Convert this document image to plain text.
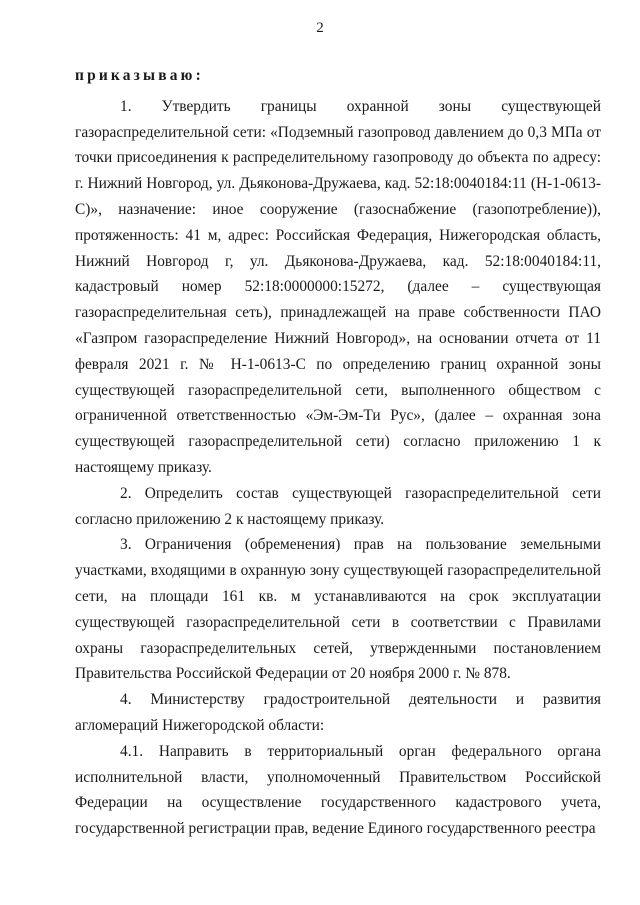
2

приказываю:

1. Утвердить границы охранной зоны существующей газораспределительной сети: «Подземный газопровод давлением до 0,3 МПа от точки присоединения к распределительному газопроводу до объекта по адресу: г. Нижний Новгород, ул. Дьяконова-Дружаева, кад. 52:18:0040184:11 (Н-1-0613-С)», назначение: иное сооружение (газоснабжение (газопотребление)), протяженность: 41 м, адрес: Российская Федерация, Нижегородская область, Нижний Новгород г, ул. Дьяконова-Дружаева, кад. 52:18:0040184:11, кадастровый номер 52:18:0000000:15272, (далее – существующая газораспределительная сеть), принадлежащей на праве собственности ПАО «Газпром газораспределение Нижний Новгород», на основании отчета от 11 февраля 2021 г. № Н-1-0613-С по определению границ охранной зоны существующей газораспределительной сети, выполненного обществом с ограниченной ответственностью «Эм-Эм-Ти Рус», (далее – охранная зона существующей газораспределительной сети) согласно приложению 1 к настоящему приказу.

2. Определить состав существующей газораспределительной сети согласно приложению 2 к настоящему приказу.

3. Ограничения (обременения) прав на пользование земельными участками, входящими в охранную зону существующей газораспределительной сети, на площади 161 кв. м устанавливаются на срок эксплуатации существующей газораспределительной сети в соответствии с Правилами охраны газораспределительных сетей, утвержденными постановлением Правительства Российской Федерации от 20 ноября 2000 г. № 878.

4. Министерству градостроительной деятельности и развития агломераций Нижегородской области:

4.1. Направить в территориальный орган федерального органа исполнительной власти, уполномоченный Правительством Российской Федерации на осуществление государственного кадастрового учета, государственной регистрации прав, ведение Единого государственного реестра
